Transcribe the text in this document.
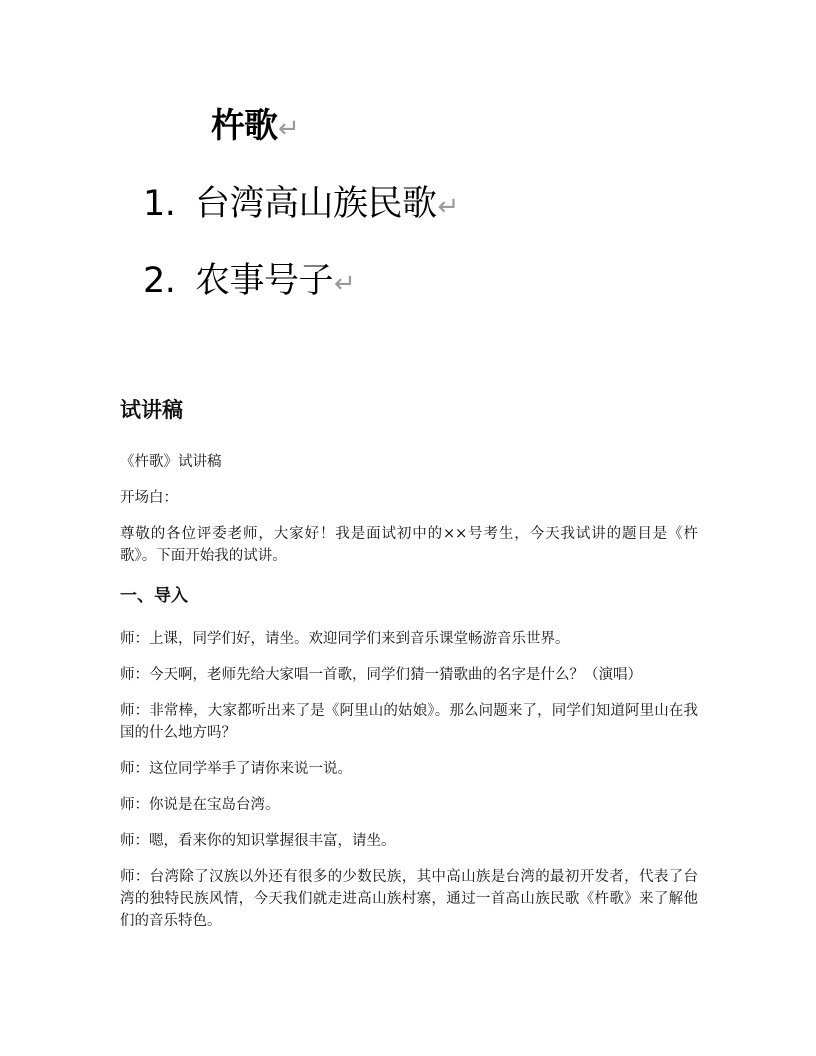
杵歌↵
1. 台湾高山族民歌↵
2. 农事号子↵
试讲稿

《杵歌》试讲稿

开场白：

尊敬的各位评委老师，大家好！我是面试初中的××号考生，今天我试讲的题目是《杵歌》。下面开始我的试讲。

一、导入

师：上课，同学们好，请坐。欢迎同学们来到音乐课堂畅游音乐世界。

师：今天啊，老师先给大家唱一首歌，同学们猜一猜歌曲的名字是什么？（演唱）

师：非常棒，大家都听出来了是《阿里山的姑娘》。那么问题来了，同学们知道阿里山在我国的什么地方吗？

师：这位同学举手了请你来说一说。

师：你说是在宝岛台湾。

师：嗯，看来你的知识掌握很丰富，请坐。

师：台湾除了汉族以外还有很多的少数民族，其中高山族是台湾的最初开发者，代表了台湾的独特民族风情，今天我们就走进高山族村寨，通过一首高山族民歌《杵歌》来了解他们的音乐特色。
